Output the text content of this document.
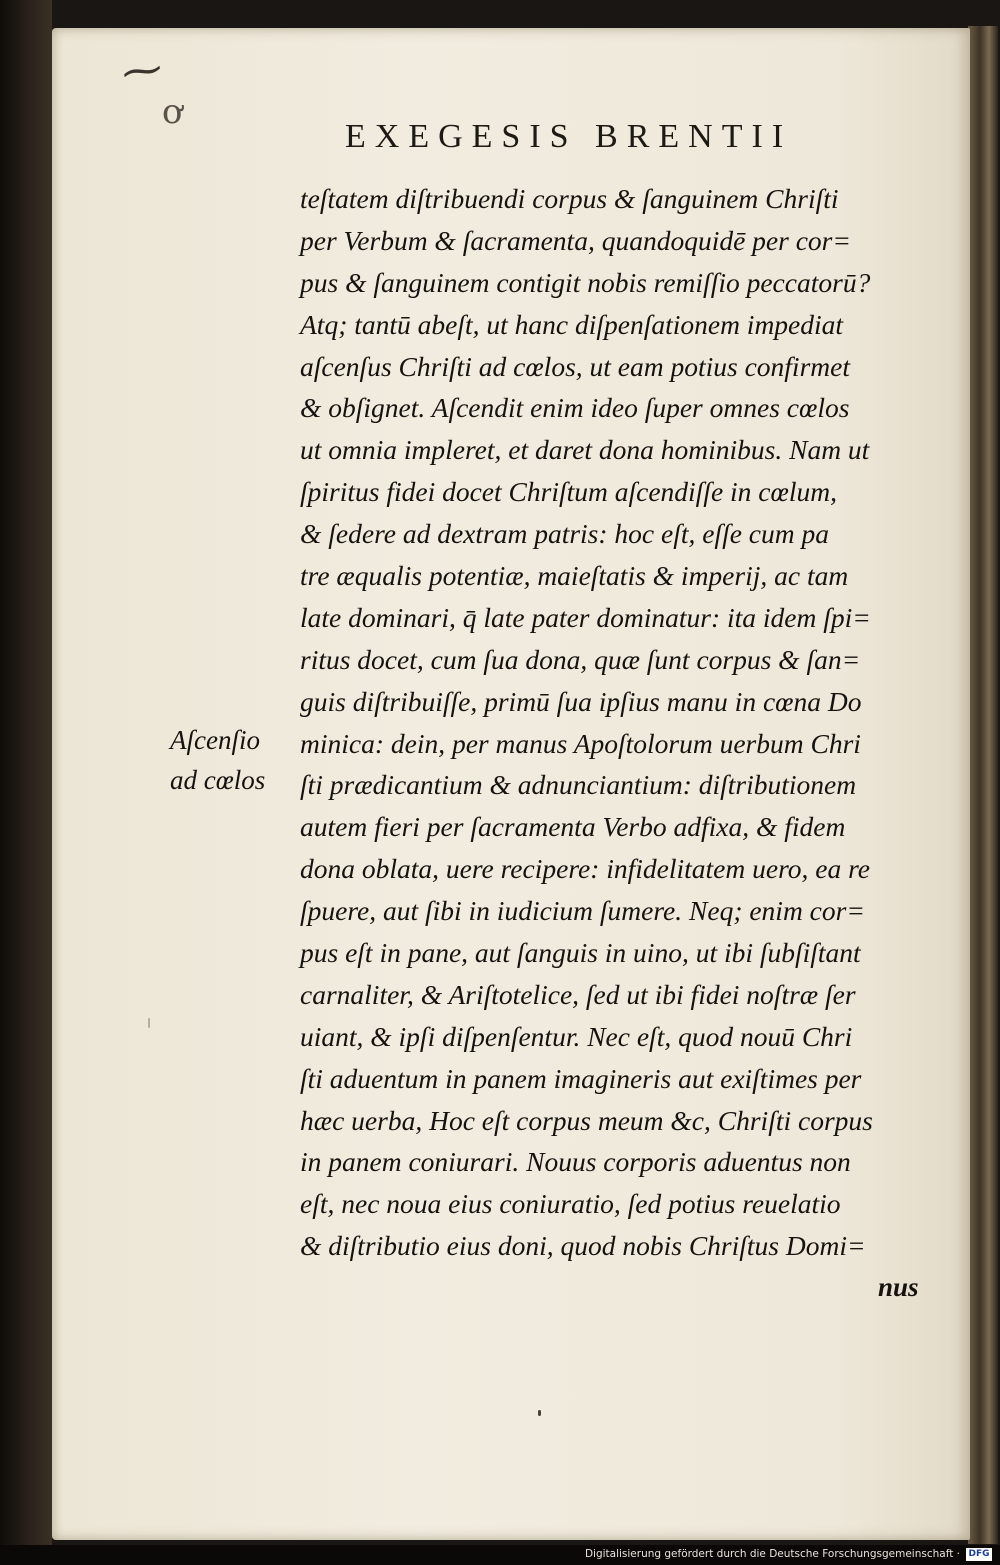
⁓
ơ
EXEGESIS BRENTII
teſtatem diſtribuendi corpus & ſanguinem Chriſti
per Verbum & ſacramenta, quandoquidē per cor=
pus & ſanguinem contigit nobis remiſſio peccatorū?
Atq; tantū abeſt, ut hanc diſpenſationem impediat
aſcenſus Chriſti ad cœlos, ut eam potius confirmet
& obſignet. Aſcendit enim ideo ſuper omnes cœlos
ut omnia impleret, et daret dona hominibus. Nam ut
ſpiritus fidei docet Chriſtum aſcendiſſe in cœlum,
& ſedere ad dextram patris: hoc eſt, eſſe cum pa
tre æqualis potentiæ, maieſtatis & imperij, ac tam
late dominari, q̄ late pater dominatur: ita idem ſpi=
ritus docet, cum ſua dona, quæ ſunt corpus & ſan=
guis diſtribuiſſe, primū ſua ipſius manu in cœna Do
minica: dein, per manus Apoſtolorum uerbum Chri
ſti prædicantium & adnunciantium: diſtributionem
autem fieri per ſacramenta Verbo adfixa, & fidem
dona oblata, uere recipere: infidelitatem uero, ea re
ſpuere, aut ſibi in iudicium ſumere. Neq; enim cor=
pus eſt in pane, aut ſanguis in uino, ut ibi ſubſiſtant
carnaliter, & Ariſtotelice, ſed ut ibi fidei noſtræ ſer
uiant, & ipſi diſpenſentur. Nec eſt, quod nouū Chri
ſti aduentum in panem imagineris aut exiſtimes per
hæc uerba, Hoc eſt corpus meum &c, Chriſti corpus
in panem coniurari. Nouus corporis aduentus non
eſt, nec noua eius coniuratio, ſed potius reuelatio
& diſtributio eius doni, quod nobis Chriſtus Domi=
nus
Aſcenſio
ad cœlos
Digitalisierung gefördert durch die Deutsche Forschungsgemeinschaft · DFG
